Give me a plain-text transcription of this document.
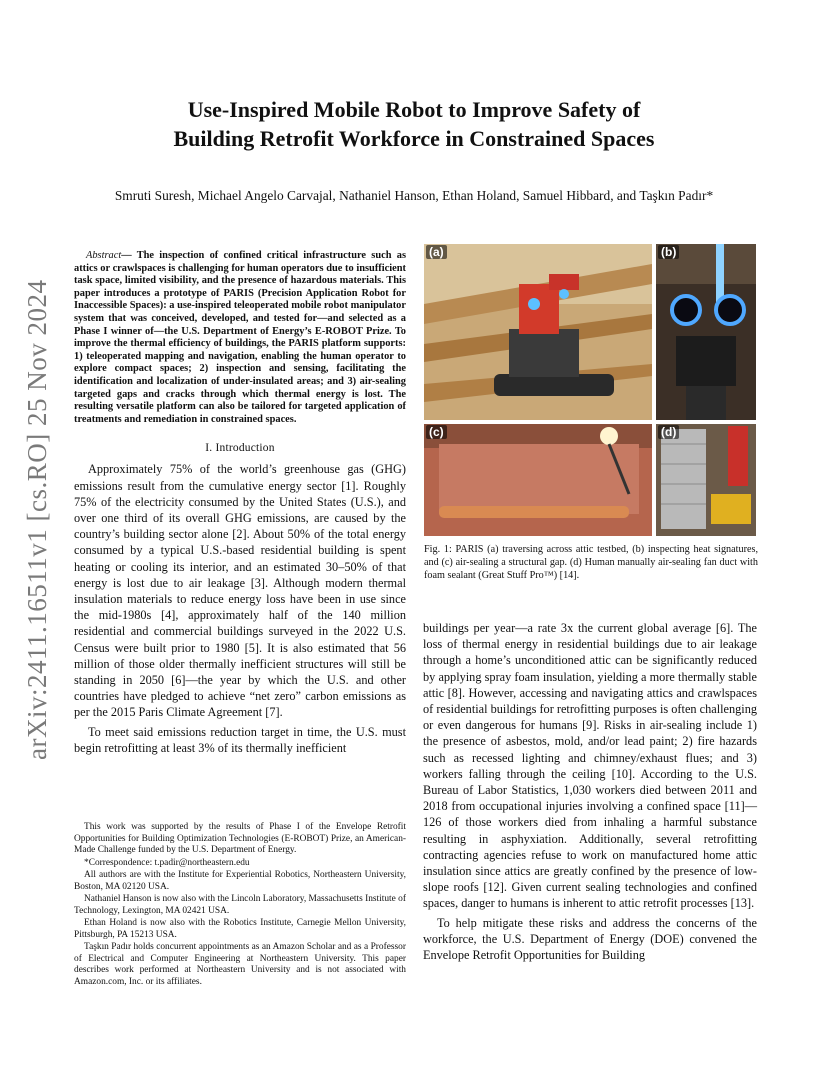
arXiv:2411.16511v1 [cs.RO] 25 Nov 2024
Use-Inspired Mobile Robot to Improve Safety of
Building Retrofit Workforce in Constrained Spaces
Smruti Suresh, Michael Angelo Carvajal, Nathaniel Hanson, Ethan Holand, Samuel Hibbard, and Taşkın Padır*

Abstract— The inspection of confined critical infrastructure such as attics or crawlspaces is challenging for human operators due to insufficient task space, limited visibility, and the presence of hazardous materials. This paper introduces a prototype of PARIS (Precision Application Robot for Inaccessible Spaces): a use-inspired teleoperated mobile robot manipulator system that was conceived, developed, and tested for—and selected as a Phase I winner of—the U.S. Department of Energy’s E-ROBOT Prize. To improve the thermal efficiency of buildings, the PARIS platform supports: 1) teleoperated mapping and navigation, enabling the human operator to explore compact spaces; 2) inspection and sensing, facilitating the identification and localization of under-insulated areas; and 3) air-sealing targeted gaps and cracks through which thermal energy is lost. The resulting versatile platform can also be tailored for targeted application of treatments and remediation in constrained spaces.

I. Introduction

Approximately 75% of the world’s greenhouse gas (GHG) emissions result from the cumulative energy sector [1]. Roughly 75% of the electricity consumed by the United States (U.S.), and over one third of its overall GHG emissions, are caused by the country’s building sector alone [2]. About 50% of the total energy consumed by a typical U.S.-based residential building is spent heating or cooling its interior, and an estimated 30–50% of that energy is lost due to air leakage [3]. Although modern thermal insulation materials to reduce energy loss have been in use since the mid-1980s [4], approximately half of the 140 million residential and commercial buildings surveyed in the 2022 U.S. Census were built prior to 1980 [5]. It is also estimated that 56 million of those older thermally inefficient structures will still be standing in 2050 [6]—the year by which the U.S. and other countries have pledged to achieve “net zero” carbon emissions as per the 2015 Paris Climate Agreement [7].

To meet said emissions reduction target in time, the U.S. must begin retrofitting at least 3% of its thermally inefficient

This work was supported by the results of Phase I of the Envelope Retrofit Opportunities for Building Optimization Technologies (E-ROBOT) Prize, an American-Made Challenge funded by the U.S. Department of Energy.

*Correspondence: t.padir@northeastern.edu

All authors are with the Institute for Experiential Robotics, Northeastern University, Boston, MA 02120 USA.

Nathaniel Hanson is now also with the Lincoln Laboratory, Massachusetts Institute of Technology, Lexington, MA 02421 USA.

Ethan Holand is now also with the Robotics Institute, Carnegie Mellon University, Pittsburgh, PA 15213 USA.

Taşkın Padır holds concurrent appointments as an Amazon Scholar and as a Professor of Electrical and Computer Engineering at Northeastern University. This paper describes work performed at Northeastern University and is not associated with Amazon.com, Inc. or its affiliates.

(a)	(b)
(c)	(d)
Fig. 1: PARIS (a) traversing across attic testbed, (b) inspecting heat signatures, and (c) air-sealing a structural gap. (d) Human manually air-sealing fan duct with foam sealant (Great Stuff Pro™) [14].

buildings per year—a rate 3x the current global average [6]. The loss of thermal energy in residential buildings due to air leakage through a home’s unconditioned attic can be significantly reduced by applying spray foam insulation, yielding a more thermally stable attic [8]. However, accessing and navigating attics and crawlspaces of residential buildings for retrofitting purposes is often challenging or even dangerous for humans [9]. Risks in air-sealing include 1) the presence of asbestos, mold, and/or lead paint; 2) fire hazards such as recessed lighting and chimney/exhaust flues; and 3) workers falling through the ceiling [10]. According to the U.S. Bureau of Labor Statistics, 1,030 workers died between 2011 and 2018 from occupational injuries involving a confined space [11]—126 of those workers died from inhaling a harmful substance resulting in asphyxiation. Additionally, several retrofitting contracting agencies refuse to work on manufactured home attic insulation since attics are greatly confined by the presence of low-slope roofs [12]. Given current sealing technologies and confined spaces, danger to humans is inherent to attic retrofit processes [13].

To help mitigate these risks and address the concerns of the workforce, the U.S. Department of Energy (DOE) convened the Envelope Retrofit Opportunities for Building
